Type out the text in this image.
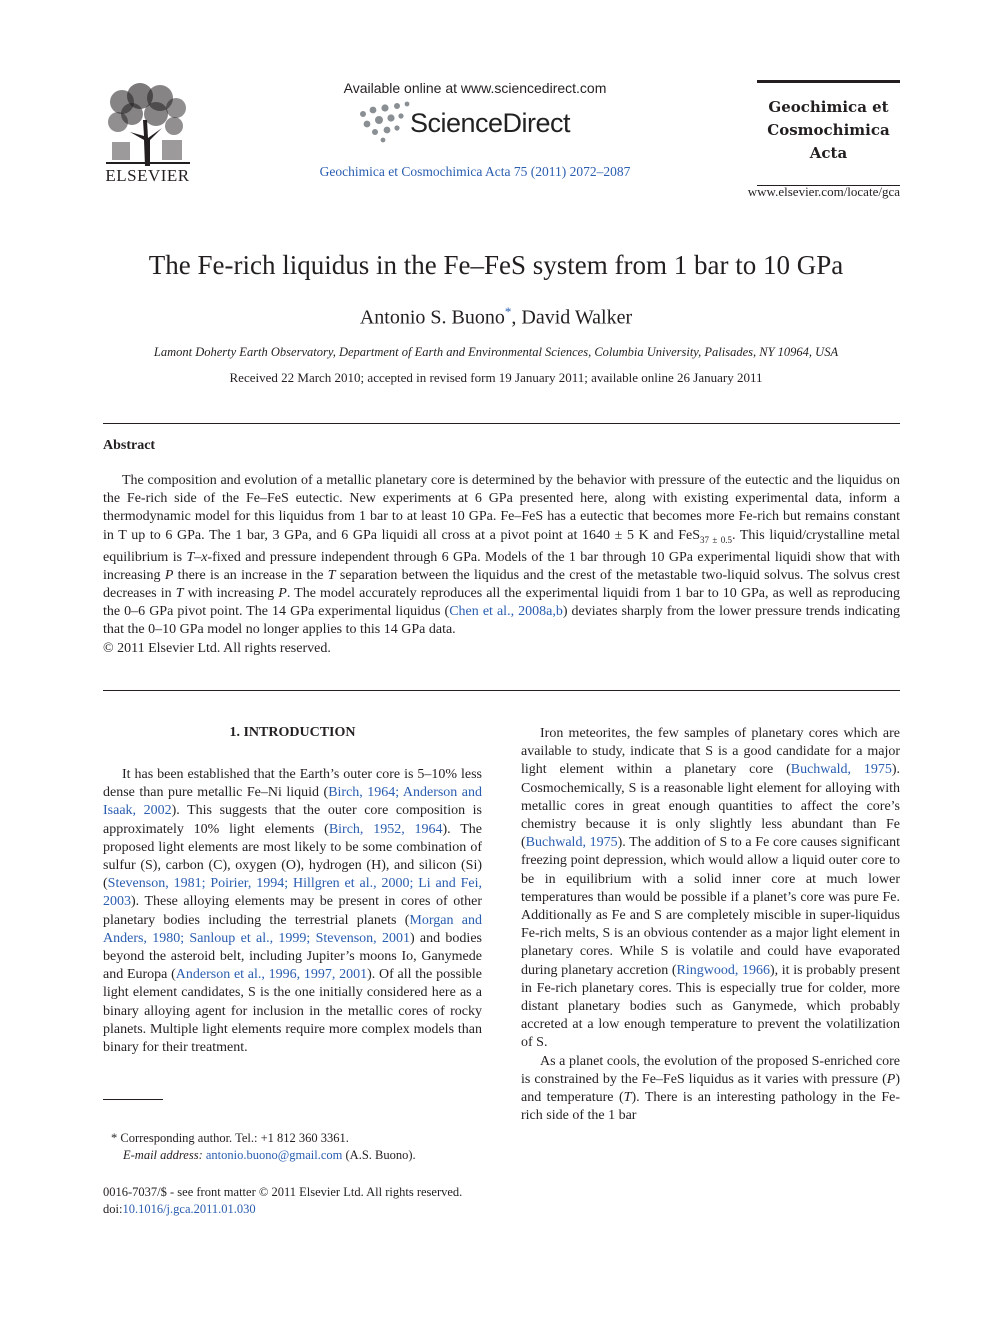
ELSEVIER
Available online at www.sciencedirect.com
ScienceDirect
Geochimica et Cosmochimica Acta 75 (2011) 2072–2087
Geochimica et
Cosmochimica
Acta
www.elsevier.com/locate/gca
The Fe-rich liquidus in the Fe–FeS system from 1 bar to 10 GPa
Antonio S. Buono*, David Walker
Lamont Doherty Earth Observatory, Department of Earth and Environmental Sciences, Columbia University, Palisades, NY 10964, USA
Received 22 March 2010; accepted in revised form 19 January 2011; available online 26 January 2011
Abstract

The composition and evolution of a metallic planetary core is determined by the behavior with pressure of the eutectic and the liquidus on the Fe-rich side of the Fe–FeS eutectic. New experiments at 6 GPa presented here, along with existing experimental data, inform a thermodynamic model for this liquidus from 1 bar to at least 10 GPa. Fe–FeS has a eutectic that becomes more Fe-rich but remains constant in T up to 6 GPa. The 1 bar, 3 GPa, and 6 GPa liquidi all cross at a pivot point at 1640 ± 5 K and FeS$_{37 \pm 0.5}$. This liquid/crystalline metal equilibrium is T–x-fixed and pressure independent through 6 GPa. Models of the 1 bar through 10 GPa experimental liquidi show that with increasing P there is an increase in the T separation between the liquidus and the crest of the metastable two-liquid solvus. The solvus crest decreases in T with increasing P. The model accurately reproduces all the experimental liquidi from 1 bar to 10 GPa, as well as reproducing the 0–6 GPa pivot point. The 14 GPa experimental liquidus (Chen et al., 2008a,b) deviates sharply from the lower pressure trends indicating that the 0–10 GPa model no longer applies to this 14 GPa data.

© 2011 Elsevier Ltd. All rights reserved.

1. INTRODUCTION

It has been established that the Earth’s outer core is 5–10% less dense than pure metallic Fe–Ni liquid (Birch, 1964; Anderson and Isaak, 2002). This suggests that the outer core composition is approximately 10% light elements (Birch, 1952, 1964). The proposed light elements are most likely to be some combination of sulfur (S), carbon (C), oxygen (O), hydrogen (H), and silicon (Si) (Stevenson, 1981; Poirier, 1994; Hillgren et al., 2000; Li and Fei, 2003). These alloying elements may be present in cores of other planetary bodies including the terrestrial planets (Morgan and Anders, 1980; Sanloup et al., 1999; Stevenson, 2001) and bodies beyond the asteroid belt, including Jupiter’s moons Io, Ganymede and Europa (Anderson et al., 1996, 1997, 2001). Of all the possible light element candidates, S is the one initially considered here as a binary alloying agent for inclusion in the metallic cores of rocky planets. Multiple light elements require more complex models than binary for their treatment.

Iron meteorites, the few samples of planetary cores which are available to study, indicate that S is a good candidate for a major light element within a planetary core (Buchwald, 1975). Cosmochemically, S is a reasonable light element for alloying with metallic cores in great enough quantities to affect the core’s chemistry because it is only slightly less abundant than Fe (Buchwald, 1975). The addition of S to a Fe core causes significant freezing point depression, which would allow a liquid outer core to be in equilibrium with a solid inner core at much lower temperatures than would be possible if a planet’s core was pure Fe. Additionally as Fe and S are completely miscible in super-liquidus Fe-rich melts, S is an obvious contender as a major light element in planetary cores. While S is volatile and could have evaporated during planetary accretion (Ringwood, 1966), it is probably present in Fe-rich planetary cores. This is especially true for colder, more distant planetary bodies such as Ganymede, which probably accreted at a low enough temperature to prevent the volatilization of S.

As a planet cools, the evolution of the proposed S-enriched core is constrained by the Fe–FeS liquidus as it varies with pressure (P) and temperature (T). There is an interesting pathology in the Fe-rich side of the 1 bar

* Corresponding author. Tel.: +1 812 360 3361.
E-mail address: antonio.buono@gmail.com (A.S. Buono).
0016-7037/$ - see front matter © 2011 Elsevier Ltd. All rights reserved.
doi:10.1016/j.gca.2011.01.030
